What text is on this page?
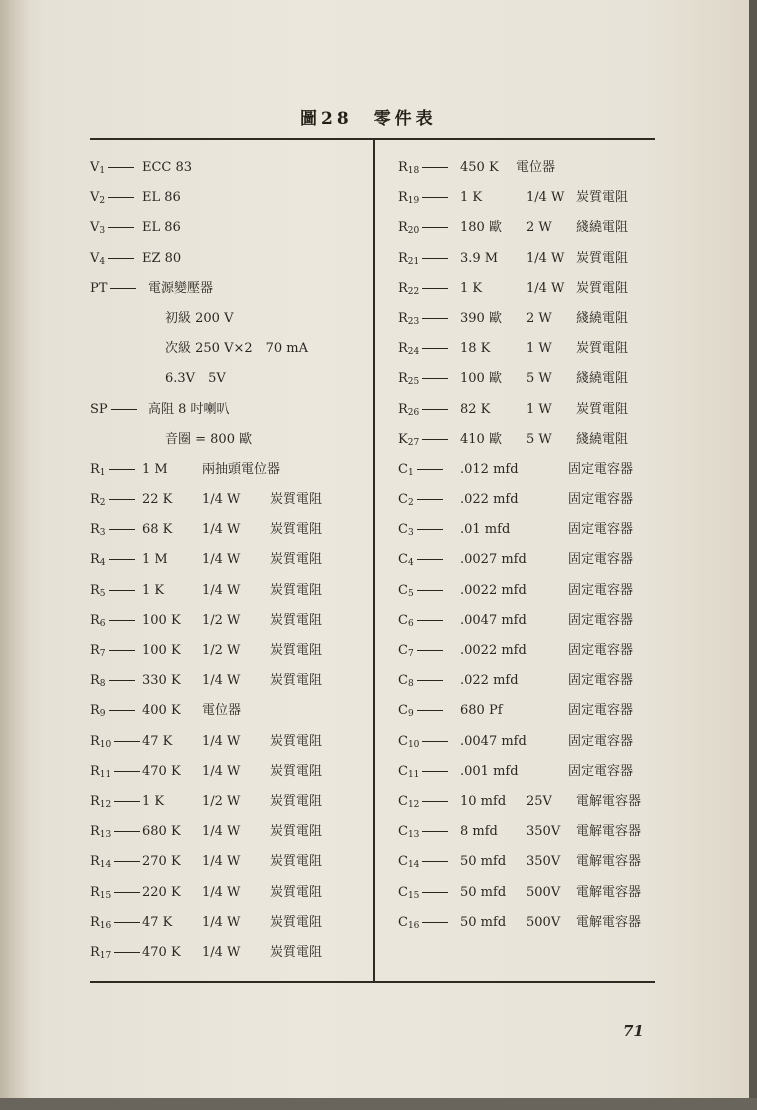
圖28　零件表
$V_1$	ECC 83
$V_2$	EL 86
$V_3$	EL 86
$V_4$	EZ 80
PT	電源變壓器
初級 200 V
次級 250 V×2　70 mA
6.3V　5V
SP	高阻 8 吋喇叭
音圈 = 800 歐
$R_1$	1 M	兩抽頭電位器
$R_2$	22 K 1/4 W 炭質電阻
$R_3$	68 K 1/4 W 炭質電阻
$R_4$	1 M	1/4 W 炭質電阻
$R_5$	1 K	1/4 W 炭質電阻
$R_6$	100 K 1/2 W 炭質電阻
$R_7$	100 K 1/2 W 炭質電阻
$R_8$	330 K 1/4 W 炭質電阻
$R_9$	400 K 電位器
$R_{10}$	47 K 1/4 W 炭質電阻
$R_{11}$	470 K 1/4 W 炭質電阻
$R_{12}$	1 K	1/2 W 炭質電阻
$R_{13}$	680 K 1/4 W 炭質電阻
$R_{14}$	270 K 1/4 W 炭質電阻
$R_{15}$	220 K 1/4 W 炭質電阻
$R_{16}$	47 K 1/4 W 炭質電阻
$R_{17}$	470 K 1/4 W 炭質電阻
$R_{18}$	450 K 電位器
$R_{19}$	1 K	1/4 W 炭質電阻
$R_{20}$	180 歐 2 W 綫繞電阻
$R_{21}$	3.9 M 1/4 W 炭質電阻
$R_{22}$	1 K	1/4 W 炭質電阻
$R_{23}$	390 歐 2 W 綫繞電阻
$R_{24}$	18 K	1 W 炭質電阻
$R_{25}$	100 歐 5 W 綫繞電阻
$R_{26}$	82 K	1 W 炭質電阻
$K_{27}$	410 歐 5 W 綫繞電阻
$C_1$	.012 mfd	固定電容器
$C_2$	.022 mfd	固定電容器
$C_3$	.01 mfd	固定電容器
$C_4$	.0027 mfd	固定電容器
$C_5$	.0022 mfd	固定電容器
$C_6$	.0047 mfd	固定電容器
$C_7$	.0022 mfd	固定電容器
$C_8$	.022 mfd	固定電容器
$C_9$	680 Pf	固定電容器
$C_{10}$	.0047 mfd	固定電容器
$C_{11}$	.001 mfd	固定電容器
$C_{12}$	10 mfd 25V 電解電容器
$C_{13}$	8 mfd 350V 電解電容器
$C_{14}$	50 mfd 350V 電解電容器
$C_{15}$	50 mfd 500V 電解電容器
$C_{16}$	50 mfd 500V 電解電容器
71
